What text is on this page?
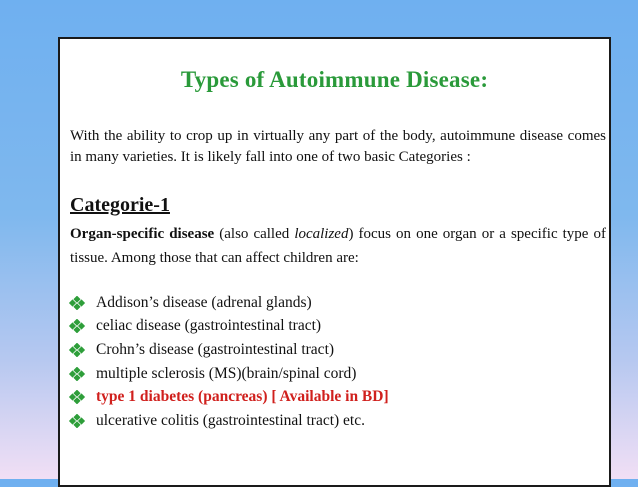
Types of Autoimmune Disease:
With the ability to crop up in virtually any part of the body, autoimmune disease comes in many varieties. It is likely fall into one of two basic Categories :
Categorie-1
Organ-specific disease (also called localized) focus on one organ or a specific type of tissue. Among those that can affect children are:
Addison’s disease (adrenal glands)
celiac disease (gastrointestinal tract)
Crohn’s disease (gastrointestinal tract)
multiple sclerosis (MS)(brain/spinal cord)
type 1 diabetes (pancreas) [ Available in BD]
ulcerative colitis (gastrointestinal tract) etc.
